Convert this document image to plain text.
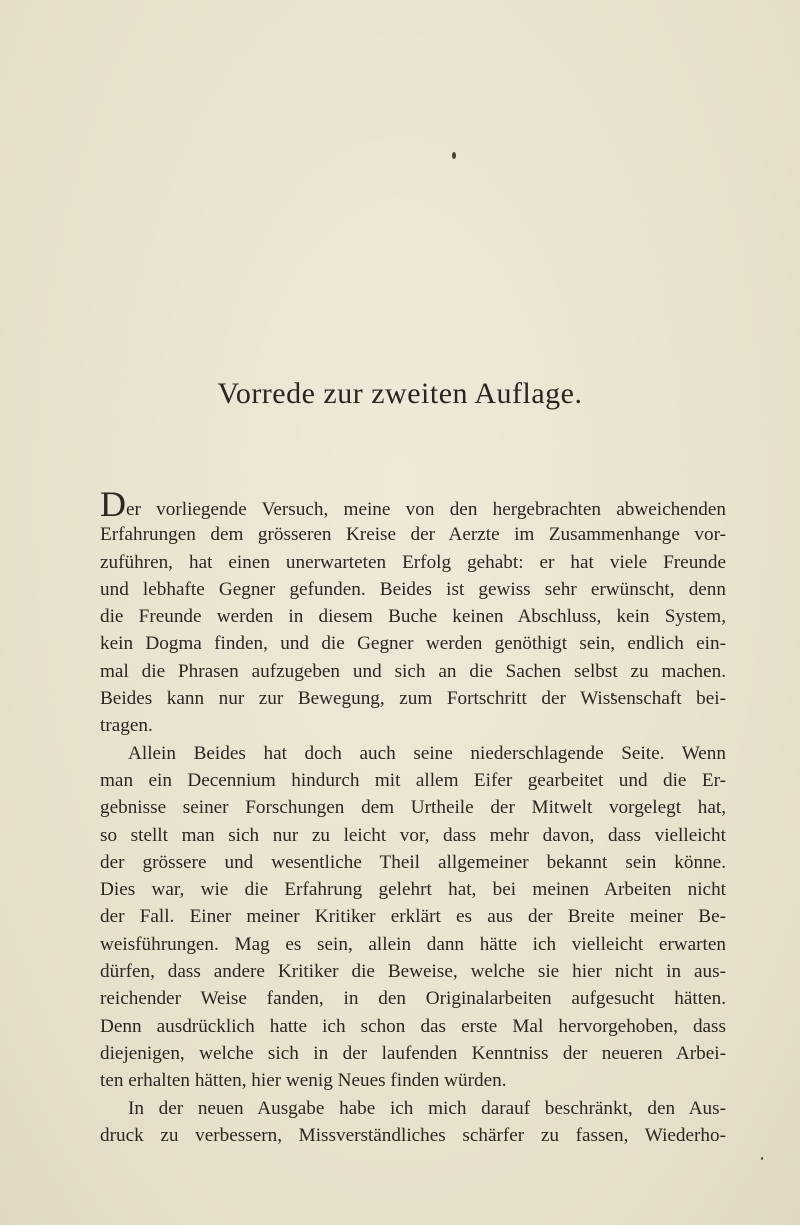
Vorrede zur zweiten Auflage.
Der vorliegende Versuch, meine von den hergebrachten abweichenden
Erfahrungen dem grösseren Kreise der Aerzte im Zusammenhange vor-
zuführen, hat einen unerwarteten Erfolg gehabt: er hat viele Freunde
und lebhafte Gegner gefunden. Beides ist gewiss sehr erwünscht, denn
die Freunde werden in diesem Buche keinen Abschluss, kein System,
kein Dogma finden, und die Gegner werden genöthigt sein, endlich ein-
mal die Phrasen aufzugeben und sich an die Sachen selbst zu machen.
Beides kann nur zur Bewegung, zum Fortschritt der Wissenschaft bei-
tragen.
Allein Beides hat doch auch seine niederschlagende Seite. Wenn
man ein Decennium hindurch mit allem Eifer gearbeitet und die Er-
gebnisse seiner Forschungen dem Urtheile der Mitwelt vorgelegt hat,
so stellt man sich nur zu leicht vor, dass mehr davon, dass vielleicht
der grössere und wesentliche Theil allgemeiner bekannt sein könne.
Dies war, wie die Erfahrung gelehrt hat, bei meinen Arbeiten nicht
der Fall. Einer meiner Kritiker erklärt es aus der Breite meiner Be-
weisführungen. Mag es sein, allein dann hätte ich vielleicht erwarten
dürfen, dass andere Kritiker die Beweise, welche sie hier nicht in aus-
reichender Weise fanden, in den Originalarbeiten aufgesucht hätten.
Denn ausdrücklich hatte ich schon das erste Mal hervorgehoben, dass
diejenigen, welche sich in der laufenden Kenntniss der neueren Arbei-
ten erhalten hätten, hier wenig Neues finden würden.
In der neuen Ausgabe habe ich mich darauf beschränkt, den Aus-
druck zu verbessern, Missverständliches schärfer zu fassen, Wiederho-
